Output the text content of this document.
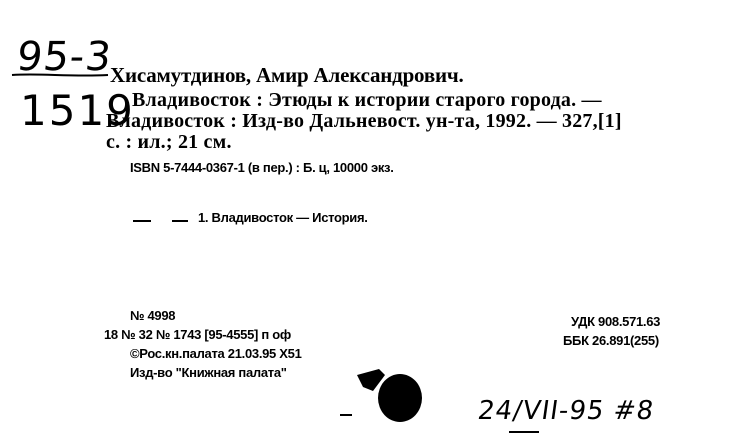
95-3
1519
Хисамутдинов, Амир Александрович.
Владивосток : Этюды к истории старого города. —
Владивосток : Изд-во Дальневост. ун-та, 1992. — 327,[1]
с. : ил.; 21 см.
ISBN 5-7444-0367-1 (в пер.) : Б. ц, 10000 экз.
1. Владивосток — История.
№ 4998
18 № 32 № 1743 [95-4555] п оф
©Рос.кн.палата 21.03.95 Х51
Изд-во "Книжная палата"
УДК 908.571.63
ББК 26.891(255)
24/VII-95 #8
